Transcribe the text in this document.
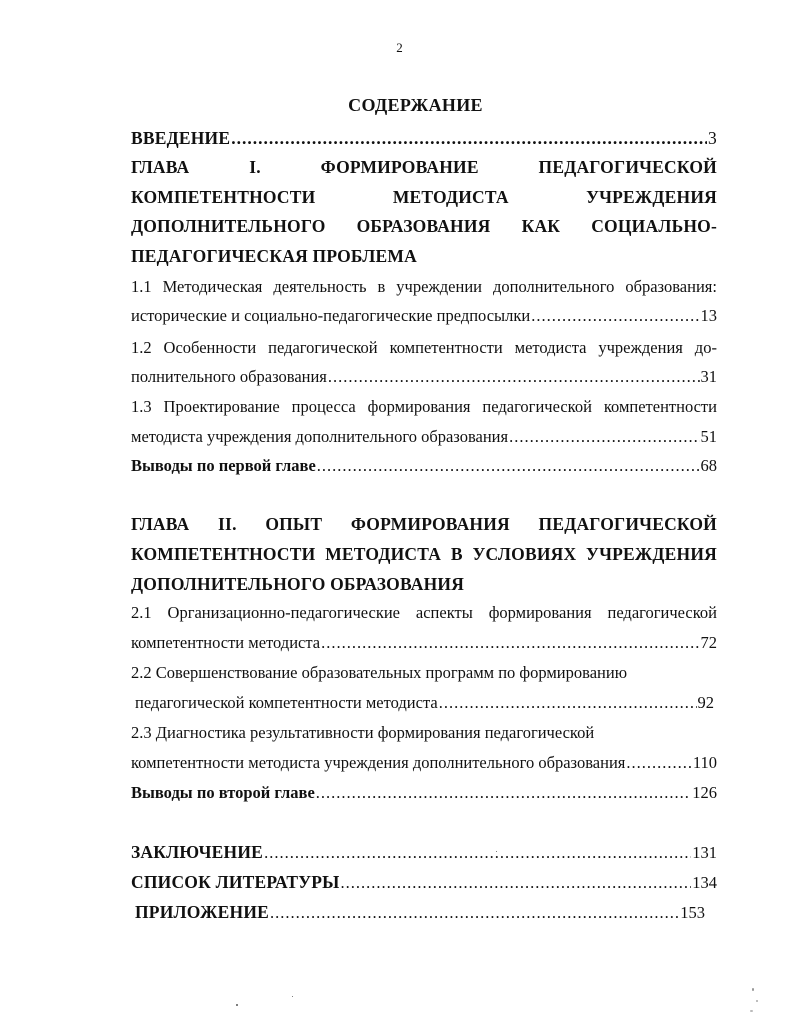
2
СОДЕРЖАНИЕ
ВВЕДЕНИЕ .....	3
ГЛАВА	I.	ФОРМИРОВАНИЕ	ПЕДАГОГИЧЕСКОЙ
КОМПЕТЕНТНОСТИ	МЕТОДИСТА	УЧРЕЖДЕНИЯ
ДОПОЛНИТЕЛЬНОГО ОБРАЗОВАНИЯ КАК СОЦИАЛЬНО-
ПЕДАГОГИЧЕСКАЯ ПРОБЛЕМА
1.1 Методическая деятельность в учреждении дополнительного образования:
исторические и социально-педагогические предпосылки .....	13
1.2 Особенности педагогической компетентности методиста учреждения до-
полнительного образования .....	31
1.3 Проектирование процесса формирования педагогической компетентности
методиста учреждения дополнительного образования .....	51
Выводы по первой главе .....	68
ГЛАВА II. ОПЫТ ФОРМИРОВАНИЯ ПЕДАГОГИЧЕСКОЙ
КОМПЕТЕНТНОСТИ МЕТОДИСТА В УСЛОВИЯХ УЧРЕЖДЕНИЯ
ДОПОЛНИТЕЛЬНОГО ОБРАЗОВАНИЯ
2.1 Организационно-педагогические аспекты формирования педагогической
компетентности методиста .....	72
2.2 Совершенствование образовательных программ по формированию
педагогической компетентности методиста .....	92
2.3 Диагностика результативности формирования педагогической
компетентности методиста учреждения дополнительного образования .....	110
Выводы по второй главе .....	126
ЗАКЛЮЧЕНИЕ .....	131
СПИСОК ЛИТЕРАТУРЫ .....	134
ПРИЛОЖЕНИЕ .....	153
